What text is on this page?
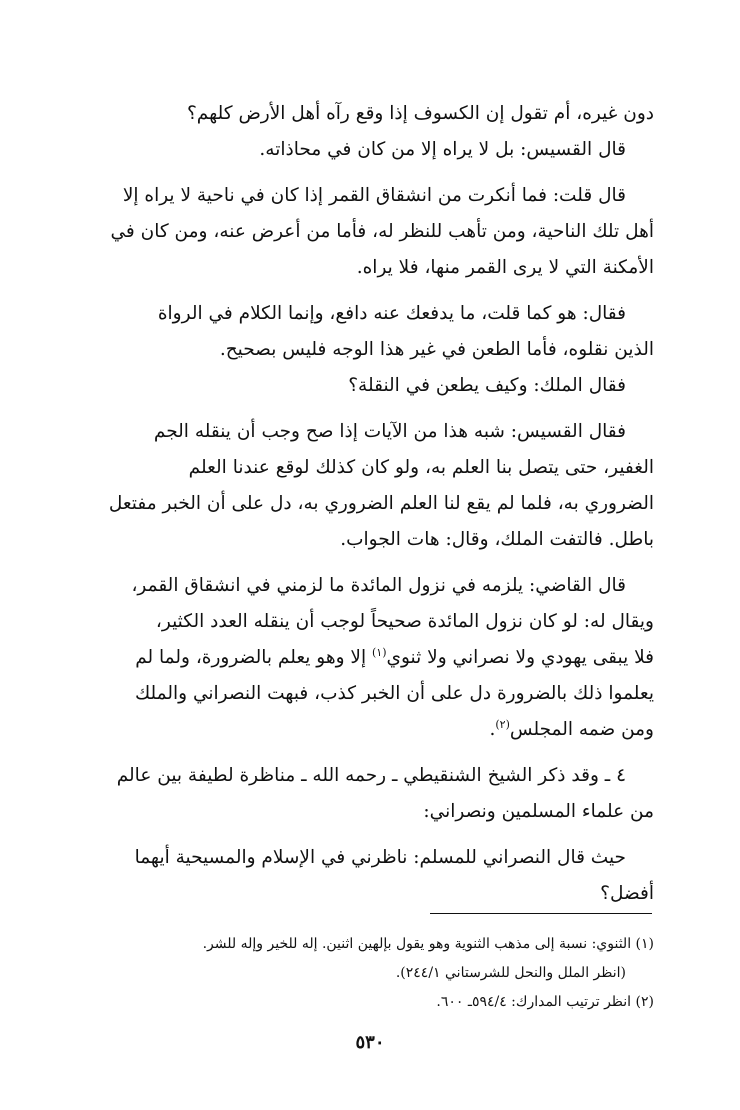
دون غيره، أم تقول إن الكسوف إذا وقع رآه أهل الأرض كلهم؟
قال القسيس: بل لا يراه إلا من كان في محاذاته.

قال قلت: فما أنكرت من انشقاق القمر إذا كان في ناحية لا يراه إلا
أهل تلك الناحية، ومن تأهب للنظر له، فأما من أعرض عنه، ومن كان في
الأمكنة التي لا يرى القمر منها، فلا يراه.

فقال: هو كما قلت، ما يدفعك عنه دافع، وإنما الكلام في الرواة
الذين نقلوه، فأما الطعن في غير هذا الوجه فليس بصحيح.
فقال الملك: وكيف يطعن في النقلة؟

فقال القسيس: شبه هذا من الآيات إذا صح وجب أن ينقله الجم
الغفير، حتى يتصل بنا العلم به، ولو كان كذلك لوقع عندنا العلم
الضروري به، فلما لم يقع لنا العلم الضروري به، دل على أن الخبر مفتعل
باطل. فالتفت الملك، وقال: هات الجواب.

قال القاضي: يلزمه في نزول المائدة ما لزمني في انشقاق القمر،
ويقال له: لو كان نزول المائدة صحيحاً لوجب أن ينقله العدد الكثير،
فلا يبقى يهودي ولا نصراني ولا ثنوي$^{(١)}$ إلا وهو يعلم بالضرورة، ولما لم
يعلموا ذلك بالضرورة دل على أن الخبر كذب، فبهت النصراني والملك
ومن ضمه المجلس$^{(٢)}$.

٤ ـ وقد ذكر الشيخ الشنقيطي ـ رحمه الله ـ مناظرة لطيفة بين عالم
من علماء المسلمين ونصراني:

حيث قال النصراني للمسلم: ناظرني في الإسلام والمسيحية أيهما
أفضل؟

(١) الثنوي: نسبة إلى مذهب الثنوية وهو يقول بإلهين اثنين. إله للخير وإله للشر.
(انظر الملل والنحل للشرستاني ٢٤٤/١).

(٢) انظر ترتيب المدارك: ٥٩٤/٤ـ ٦٠٠.

٥٣٠
